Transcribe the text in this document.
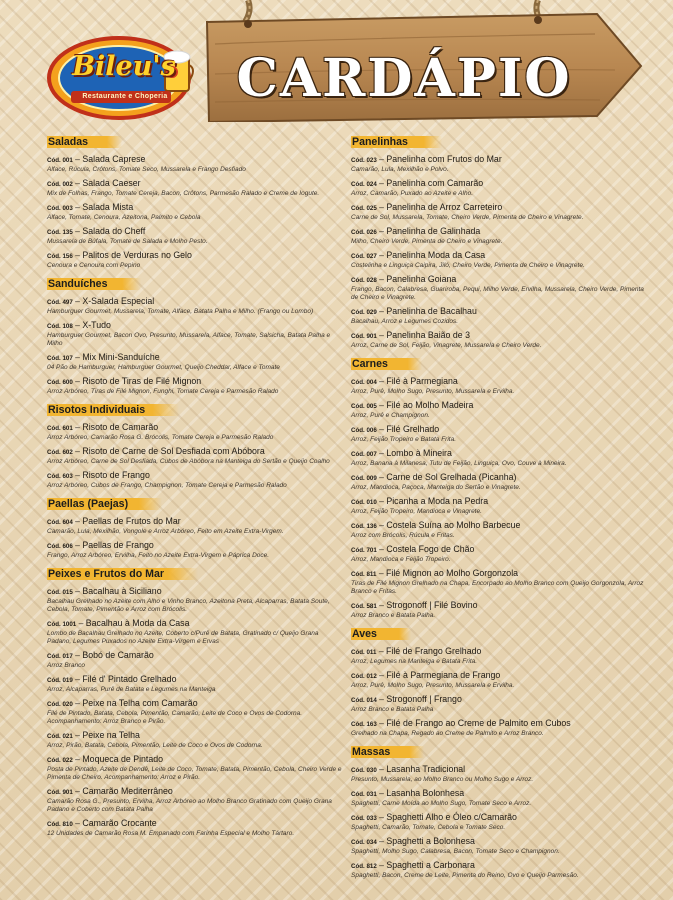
CARDÁPIO
Bileu's
Restaurante e Choperia
Saladas
Cód. 001 – Salada Caprese
Alface, Rúcula, Crôtons, Tomate Seco, Mussarela e Frango Desfiado
Cód. 002 – Salada Caeser
Mix de Folhas, Frango, Tomate Cereja, Bacon, Crôtons, Parmesão Ralado e Creme de Iogute.
Cód. 003 – Salada Mista
Alface, Tomate, Cenoura, Azeitona, Palmito e Cebola
Cód. 135 – Salada do Cheff
Mussarela de Búfala, Tomate de Salada e Molho Pesto.
Cód. 156 – Palitos de Verduras no Gelo
Cenoura e Cenoura com Pepino
Sanduíches
Cód. 497 – X-Salada Especial
Hamburguer Gourmet, Mussarela, Tomate, Alface, Batata Palha e Milho. (Frango ou Lombo)
Cód. 108 – X-Tudo
Hamburguer Gourmet, Bacon Ovo, Presunto, Mussarela, Alface, Tomate, Salsicha, Batata Palha e Milho
Cód. 107 – Mix Mini-Sanduíche
04 Pão de Hamburguer, Hamburguer Gourmet, Queijo Cheddar, Alface e Tomate
Cód. 600 – Risoto de Tiras de Filé Mignon
Arroz Arbóreo, Tiras de Filé Mignon, Funghi, Tomate Cereja e Parmesão Ralado
Risotos Individuais
Cód. 601 – Risoto de Camarão
Arroz Arbóreo, Camarão Rosa G. Brócolis, Tomate Cereja e Parmesão Ralado
Cód. 602 – Risoto de Carne de Sol Desfiada com Abóbora
Arroz Arbóreo, Carne de Sol Desfiada, Cubos de Abóbora na Manteiga do Sertão e Queijo Coalho
Cód. 603 – Risoto de Frango
Arroz Arbóreo, Cubos de Frango, Champignon, Tomate Cereja e Parmesão Ralado
Paellas (Paejas)
Cód. 604 – Paellas de Frutos do Mar
Camarão, Lula, Mexilhão, Vongole e Arroz Arbóreo, Feito em Azeite Extra-Virgem.
Cód. 606 – Paellas de Frango
Frango, Arroz Arbóreo, Ervilha, Feito no Azeite Extra-Virgem e Páprica Doce.
Peixes e Frutos do Mar
Cód. 015 – Bacalhau à Siciliano
Bacalhau Grelhado no Azeite com Alho e Vinho Branco, Azeitona Preta, Alcaparras, Batata Soute, Cebola, Tomate, Pimentão e Arroz com Brócolis.
Cód. 1001 – Bacalhau à Moda da Casa
Lombo de Bacalhau Grelhado no Azeite, Coberto c/Purê de Batata, Gratinado c/ Queijo Grana Padano, Legumes Puxados no Azeite Extra-Virgem e Ervas
Cód. 017 – Bobó de Camarão
Arroz Branco
Cód. 019 – Filé d' Pintado Grelhado
Arroz, Alcaparras, Purê de Batata e Legumes na Manteiga
Cód. 020 – Peixe na Telha com Camarão
Filé de Pintado, Batata, Cebola, Pimentão, Camarão, Leite de Coco e Ovos de Codorna. Acompanhamento: Arroz Branco e Pirão.
Cód. 021 – Peixe na Telha
Arroz, Pirão, Batata, Cebola, Pimentão, Leite de Coco e Ovos de Codorna.
Cód. 022 – Moqueca de Pintado
Posta de Pintado, Azeite de Dendê, Leite de Coco, Tomate, Batata, Pimentão, Cebola, Cheiro Verde e Pimenta de Cheiro. Acompanhamento: Arroz e Pirão.
Cód. 901 – Camarão Mediterrâneo
Camarão Rosa G., Presunto, Ervilha, Arroz Arbóreo ao Molho Branco Gratinado com Queijo Grana Padano e Coberto com Batata Palha
Cód. 810 – Camarão Crocante
12 Unidades de Camarão Rosa M. Empanado com Farinha Especial e Molho Tártaro.
Panelinhas
Cód. 023 – Panelinha com Frutos do Mar
Camarão, Lula, Mexilhão e Polvo.
Cód. 024 – Panelinha com Camarão
Arroz, Camarão, Puxado ao Azeite e Alho.
Cód. 025 – Panelinha de Arroz Carreteiro
Carne de Sol, Mussarela, Tomate, Cheiro Verde, Pimenta de Cheiro e Vinagrete.
Cód. 026 – Panelinha de Galinhada
Milho, Cheiro Verde, Pimenta de Cheiro e Vinagrete.
Cód. 027 – Panelinha Moda da Casa
Costelinha e Linguiça Caipira, Jiló, Cheiro Verde, Pimenta de Cheiro e Vinagrete.
Cód. 028 – Panelinha Goiana
Frango, Bacon, Calabresa, Guariroba, Pequi, Milho Verde, Ervilha, Mussarela, Cheiro Verde, Pimenta de Cheiro e Vinagrete.
Cód. 029 – Panelinha de Bacalhau
Bacalhau, Arroz e Legumes Cozidos.
Cód. 901 – Panelinha Baião de 3
Arroz, Carne de Sol, Feijão, Vinagrete, Mussarela e Cheiro Verde.
Carnes
Cód. 004 – Filé à Parmegiana
Arroz, Purê, Molho Sugo, Presunto, Mussarela e Ervilha.
Cód. 005 – Filé ao Molho Madeira
Arroz, Purê e Champignon.
Cód. 006 – Filé Grelhado
Arroz, Feijão Tropeiro e Batata Frita.
Cód. 007 – Lombo à Mineira
Arroz, Banana à Milanesa, Tutu de Feijão, Linguiça, Ovo, Couve à Mineira.
Cód. 009 – Carne de Sol Grelhada (Picanha)
Arroz, Mandioca, Paçoca, Manteiga do Sertão e Vinagrete.
Cód. 010 – Picanha a Moda na Pedra
Arroz, Feijão Tropeiro, Mandioca e Vinagrete.
Cód. 136 – Costela Suína ao Molho Barbecue
Arroz com Brócolis, Rúcula e Fritas.
Cód. 701 – Costela Fogo de Chão
Arroz, Mandioca e Feijão Tropeiro.
Cód. 811 – Filé Mignon ao Molho Gorgonzola
Tiras de Filé Mignon Grelhado na Chapa, Encorpado ao Molho Branco com Queijo Gorgonzola, Arroz Branco e Fritas.
Cód. 581 – Strogonoff | Filé Bovino
Arroz Branco e Batata Palha.
Aves
Cód. 011 – Filé de Frango Grelhado
Arroz, Legumes na Manteiga e Batata Frita.
Cód. 012 – Filé à Parmegiana de Frango
Arroz, Purê, Molho Sugo, Presunto, Mussarela e Ervilha.
Cód. 014 – Strogonoff | Frango
Arroz Branco e Batata Palha
Cód. 163 – Filé de Frango ao Creme de Palmito em Cubos
Grelhado na Chapa, Regado ao Creme de Palmito e Arroz Branco.
Massas
Cód. 030 – Lasanha Tradicional
Presunto, Mussarela, ao Molho Branco ou Molho Sugo e Arroz.
Cód. 031 – Lasanha Bolonhesa
Spaghetti, Carne Moída ao Molho Sugo, Tomate Seco e Arroz.
Cód. 033 – Spaghetti Alho e Óleo c/Camarão
Spaghetti, Camarão, Tomate, Cebola e Tomate Seco.
Cód. 034 – Spaghetti a Bolonhesa
Spaghetti, Molho Sugo, Calabresa, Bacon, Tomate Seco e Champignon.
Cód. 812 – Spaghetti a Carbonara
Spaghetti, Bacon, Creme de Leite, Pimenta do Reino, Ovo e Queijo Parmesão.
